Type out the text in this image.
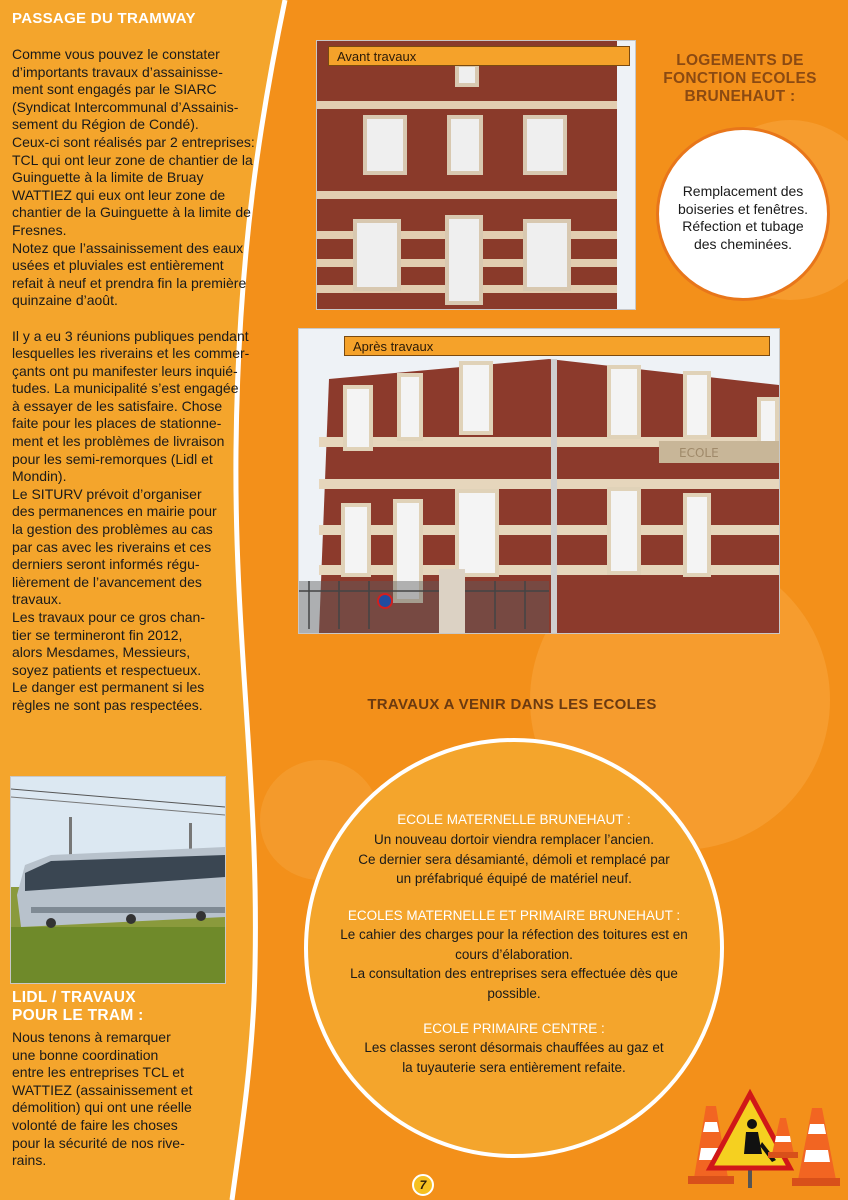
PASSAGE DU TRAMWAY
Comme vous pouvez le constater
d’importants travaux d’assainisse-
ment sont engagés par le SIARC
(Syndicat Intercommunal d’Assainis-
sement du Région de Condé).
Ceux-ci sont réalisés par 2 entreprises:
TCL qui ont leur zone de chantier de la
Guinguette à la limite de Bruay
WATTIEZ qui eux ont leur zone de
chantier de la Guinguette à la limite de
Fresnes.
Notez que l’assainissement des eaux
usées et pluviales est entièrement
refait à neuf et prendra fin la première
quinzaine d’août.

Il y a eu 3 réunions publiques pendant
lesquelles les riverains et les commer-
çants ont pu manifester leurs inquié-
tudes. La municipalité s’est engagée
à essayer de les satisfaire. Chose
faite pour les places de stationne-
ment et les problèmes de livraison
pour les semi-remorques (Lidl et
Mondin).
Le SITURV prévoit d’organiser
des permanences en mairie pour
la gestion des problèmes au cas
par cas avec les riverains et ces
derniers seront informés régu-
lièrement de l’avancement des
travaux.
Les travaux pour ce gros chan-
tier se termineront fin 2012,
alors Mesdames, Messieurs,
soyez patients et respectueux.
Le danger est permanent si les
règles ne sont pas respectées.
LIDL / TRAVAUX
POUR LE TRAM :
Nous tenons à remarquer
une bonne coordination
entre les entreprises TCL et
WATTIEZ (assainissement et
démolition) qui ont une réelle
volonté de faire les choses
pour la sécurité de nos rive-
rains.
Avant travaux
ECOLE
Après travaux
LOGEMENTS DE
FONCTION ECOLES
BRUNEHAUT :
Remplacement des
boiseries et fenêtres.
Réfection et tubage
des cheminées.
TRAVAUX A VENIR DANS LES ECOLES
ECOLE MATERNELLE BRUNEHAUT :
Un nouveau dortoir viendra remplacer l’ancien.
Ce dernier sera désamianté, démoli et remplacé par
un préfabriqué équipé de matériel neuf.
ECOLES MATERNELLE ET PRIMAIRE BRUNEHAUT :
Le cahier des charges pour la réfection des toitures est en
cours d’élaboration.
La consultation des entreprises sera effectuée dès que
possible.
ECOLE PRIMAIRE CENTRE :
Les classes seront désormais chauffées au gaz et
la tuyauterie sera entièrement refaite.
7
